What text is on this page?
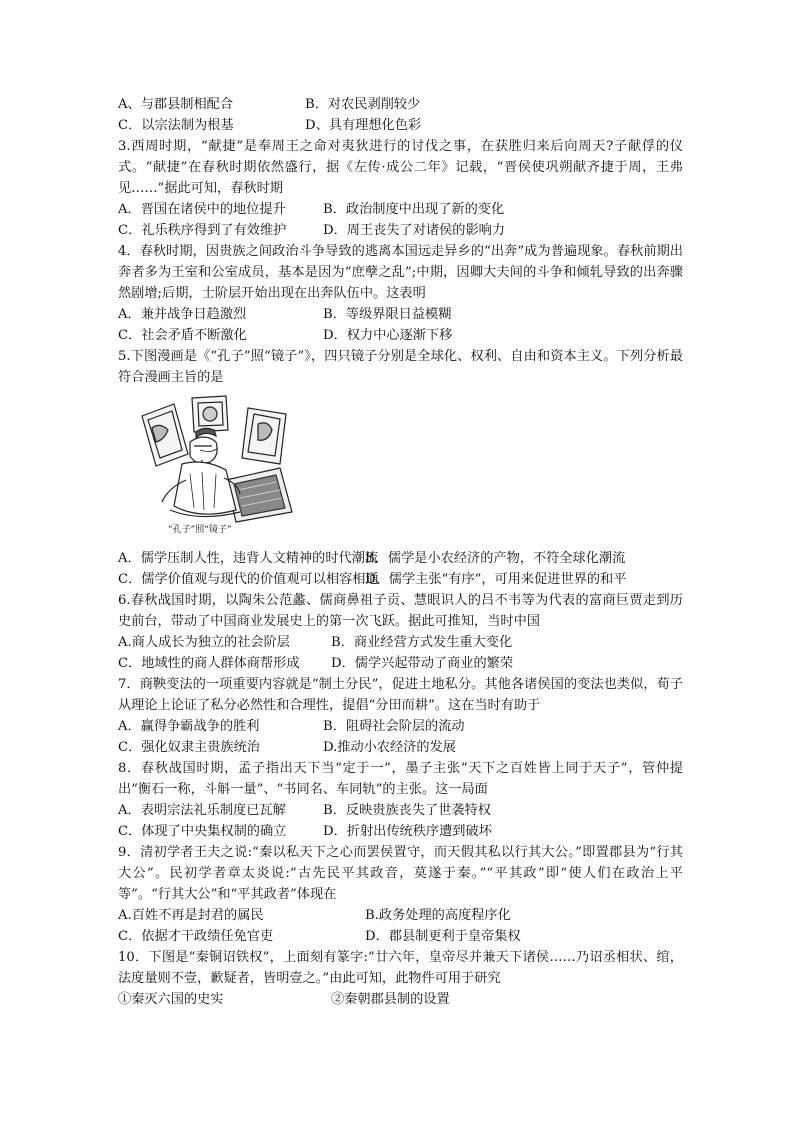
A、与郡县制相配合	B．对农民剥削较少
C．以宗法制为根基	D、具有理想化色彩

3.西周时期，“献捷”是奉周王之命对夷狄进行的讨伐之事，在获胜归来后向周天?子献俘的仪式。“献捷”在春秋时期依然盛行，据《左传·成公二年》记载，“晋侯使巩朔献齐捷于周，王弗见……”据此可知，春秋时期

A．晋国在诸侯中的地位提升	B．政治制度中出现了新的变化
C．礼乐秩序得到了有效维护	D．周王丧失了对诸侯的影响力

4．春秋时期，因贵族之间政治斗争导致的逃离本国远走异乡的“出奔”成为普遍现象。春秋前期出奔者多为王室和公室成员，基本是因为“庶孽之乱”;中期，因卿大夫间的斗争和倾轧导致的出奔骤然剧增;后期，士阶层开始出现在出奔队伍中。这表明

A．兼并战争日趋激烈	B．等级界限日益模糊
C．社会矛盾不断激化	D．权力中心逐渐下移

5.下图漫画是《“孔子”照“镜子”》，四只镜子分别是全球化、权利、自由和资本主义。下列分析最符合漫画主旨的是

“孔子”照“镜子”
A．儒学压制人性，违背人文精神的时代潮流
B．儒学是小农经济的产物，不符全球化潮流
C．儒学价值观与现代的价值观可以相容相通
D、儒学主张“有序”，可用来促进世界的和平

6.春秋战国时期，以陶朱公范蠡、儒商鼻祖子贡、慧眼识人的吕不韦等为代表的富商巨贾走到历史前台，带动了中国商业发展史上的第一次飞跃。据此可推知，当时中国

A.商人成长为独立的社会阶层	B．商业经营方式发生重大变化
C．地域性的商人群体商帮形成	D．儒学兴起带动了商业的繁荣

7．商鞅变法的一项重要内容就是“制土分民”，促进土地私分。其他各诸侯国的变法也类似，荀子从理论上论证了私分必然性和合理性，提倡“分田而耕”。这在当时有助于

A．赢得争霸战争的胜利	B．阻碍社会阶层的流动
C．强化奴隶主贵族统治	D.推动小农经济的发展

8．春秋战国时期，孟子指出天下当“定于一”，墨子主张“天下之百姓皆上同于天子”，管仲提出“衡石一称，斗斛一量”、“书同名、车同轨”的主张。这一局面

A．表明宗法礼乐制度已瓦解	B．反映贵族丧失了世袭特权
C．体现了中央集权制的确立	D．折射出传统秩序遭到破坏

9．清初学者王夫之说:“秦以私天下之心而罢侯置守，而天假其私以行其大公。”即置郡县为“行其大公”。民初学者章太炎说:“古先民平其政音，莫遂于秦。”“平其政”即“使人们在政治上平等”。“行其大公”和“平其政者”体现在

A.百姓不再是封君的属民	B.政务处理的高度程序化
C．依据才干政绩任免官吏	D．郡县制更利于皇帝集权

10．下图是“秦铜诏铁权”，上面刻有篆字:“廿六年，皇帝尽并兼天下诸侯……乃诏丞相状、绾，法度量则不壹，歉疑者，皆明壹之。”由此可知，此物件可用于研究

①秦灭六国的史实	②秦朝郡县制的设置
